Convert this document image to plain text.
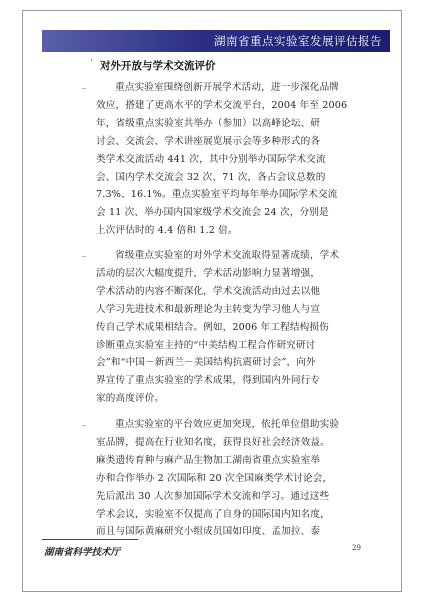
湖南省重点实验室发展评估报告
· 对外开放与学术交流评价
_	重点实验室围绕创新开展学术活动，进一步深化品牌
效应，搭建了更高水平的学术交流平台，2004 年至 2006
年，省级重点实验室共举办（参加）以高峰论坛、研
讨会、交流会、学术讲座展览展示会等多种形式的各
类学术交流活动 441 次，其中分别举办国际学术交流
会、国内学术交流会 32 次、71 次，各占会议总数的
7.3%、16.1%。重点实验室平均每年举办国际学术交流
会 11 次、举办国内国家级学术交流会 24 次，分别是
上次评估时的 4.4 倍和 1.2 倍。
_	省级重点实验室的对外学术交流取得显著成绩，学术
活动的层次大幅度提升，学术活动影响力显著增强，
学术活动的内容不断深化，学术交流活动由过去以他
人学习先进技术和最新理论为主转变为学习他人与宣
传自己学术成果相结合。例如，2006 年工程结构损伤
诊断重点实验室主持的“中美结构工程合作研究研讨
会”和“中国－新西兰－美国结构抗震研讨会”，向外
界宣传了重点实验室的学术成果，得到国内外同行专
家的高度评价。
_	重点实验室的平台效应更加突现，依托单位借助实验
室品牌，提高在行业知名度，获得良好社会经济效益。
麻类遗传育种与麻产品生物加工湖南省重点实验室举
办和合作举办 2 次国际和 20 次全国麻类学术讨论会，
先后派出 30 人次参加国际学术交流和学习。通过这些
学术会议，实验室不仅提高了自身的国际国内知名度，
而且与国际黄麻研究小组成员国如印度、孟加拉、泰
湖南省科学技术厅	29
